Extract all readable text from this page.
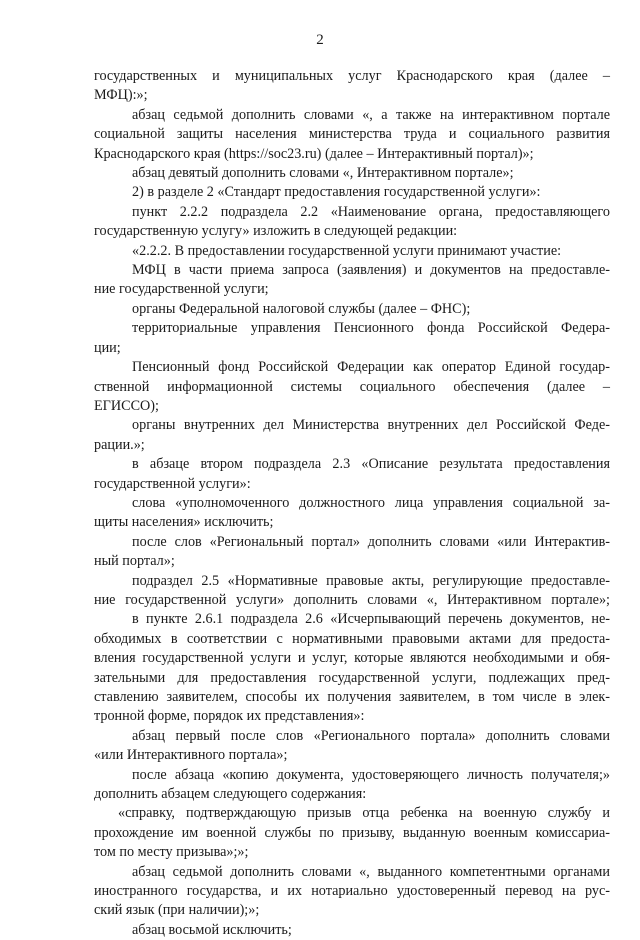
2
государственных и муниципальных услуг Краснодарского края (далее –
МФЦ):»;
абзац седьмой дополнить словами «, а также на интерактивном портале
социальной защиты населения министерства труда и социального развития
Краснодарского края (https://soc23.ru) (далее – Интерактивный портал)»;
абзац девятый дополнить словами «, Интерактивном портале»;
2) в разделе 2 «Стандарт предоставления государственной услуги»:
пункт 2.2.2 подраздела 2.2 «Наименование органа, предоставляющего
государственную услугу» изложить в следующей редакции:
«2.2.2. В предоставлении государственной услуги принимают участие:
МФЦ в части приема запроса (заявления) и документов на предоставле-
ние государственной услуги;
органы Федеральной налоговой службы (далее – ФНС);
территориальные управления Пенсионного фонда Российской Федера-
ции;
Пенсионный фонд Российской Федерации как оператор Единой государ-
ственной информационной системы социального обеспечения (далее –
ЕГИССО);
органы внутренних дел Министерства внутренних дел Российской Феде-
рации.»;
в абзаце втором подраздела 2.3 «Описание результата предоставления
государственной услуги»:
слова «уполномоченного должностного лица управления социальной за-
щиты населения» исключить;
после слов «Региональный портал» дополнить словами «или Интерактив-
ный портал»;
подраздел 2.5 «Нормативные правовые акты, регулирующие предоставле-
ние государственной услуги» дополнить словами «, Интерактивном портале»;
в пункте 2.6.1 подраздела 2.6 «Исчерпывающий перечень документов, не-
обходимых в соответствии с нормативными правовыми актами для предоста-
вления государственной услуги и услуг, которые являются необходимыми и обя-
зательными для предоставления государственной услуги, подлежащих пред-
ставлению заявителем, способы их получения заявителем, в том числе в элек-
тронной форме, порядок их представления»:
абзац первый после слов «Регионального портала» дополнить словами
«или Интерактивного портала»;
после абзаца «копию документа, удостоверяющего личность получателя;»
дополнить абзацем следующего содержания:
«справку, подтверждающую призыв отца ребенка на военную службу и
прохождение им военной службы по призыву, выданную военным комиссариа-
том по месту призыва»;»;
абзац седьмой дополнить словами «, выданного компетентными органами
иностранного государства, и их нотариально удостоверенный перевод на рус-
ский язык (при наличии);»;
абзац восьмой исключить;
